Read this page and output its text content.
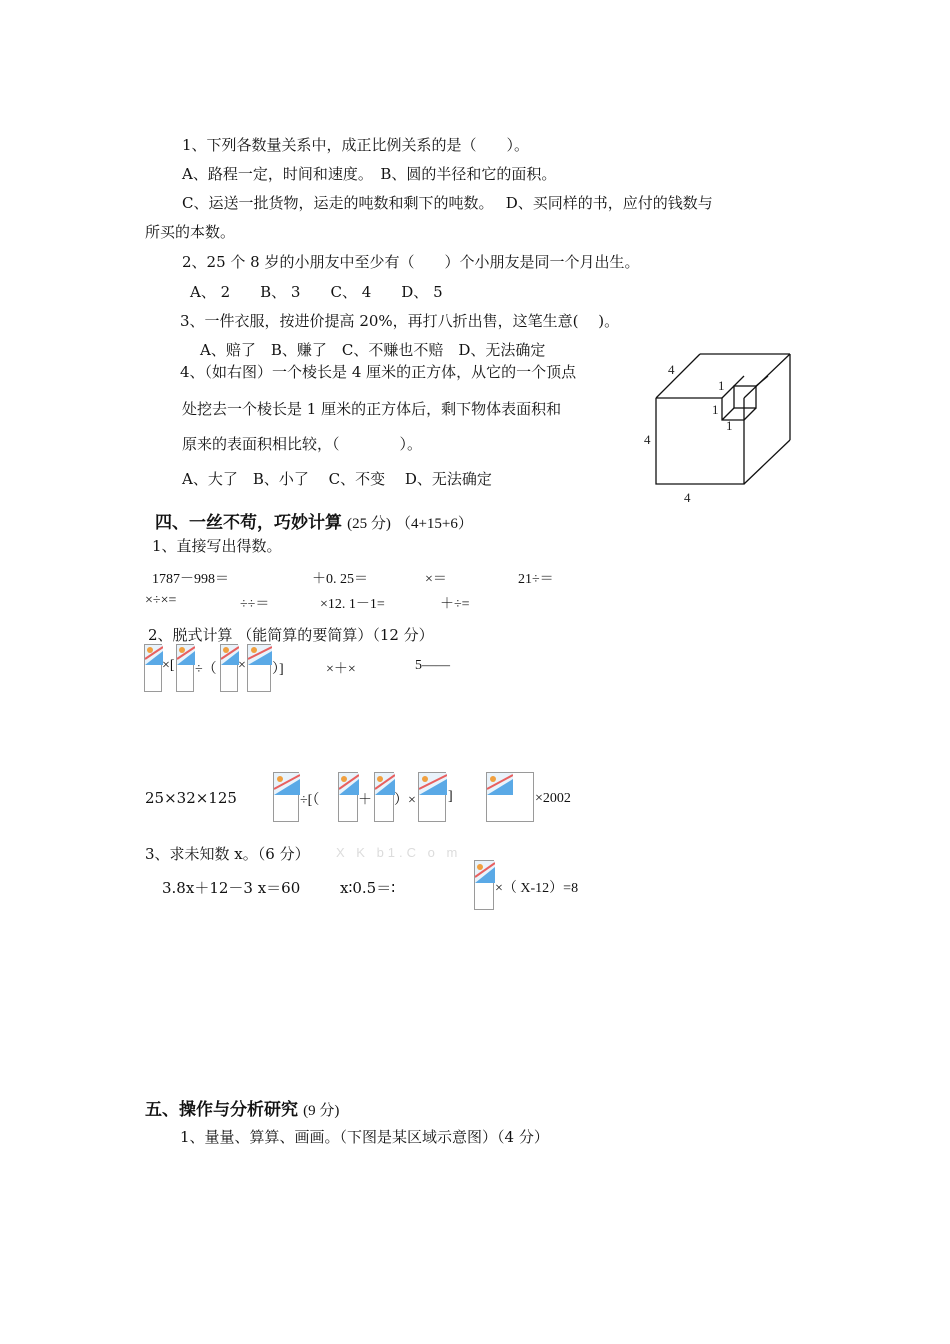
1、下列各数量关系中，成正比例关系的是（　　）。
A、路程一定，时间和速度。　B、圆的半径和它的面积。
C、运送一批货物，运走的吨数和剩下的吨数。　 D、买同样的书，应付的钱数与
所买的本数。
2、25 个 8 岁的小朋友中至少有（　　）个小朋友是同一个月出生。
A、 2　　B、 3　　C、 4　　D、 5
3、一件衣服，按进价提高 20%，再打八折出售，这笔生意(　 )。
A、赔了　B、赚了　C、不赚也不赔　D、无法确定
4、（如右图）一个棱长是 4 厘米的正方体，从它的一个顶点
处挖去一个棱长是 1 厘米的正方体后，剩下物体表面积和
原来的表面积相比较，（　　　　）。
A、大了　B、小了　 C、不变　 D、无法确定
4
4
4
1
1
1
四、一丝不苟，巧妙计算 (25 分) （4+15+6）
1、直接写出得数。
1787－998＝	＋0. 25＝	×＝	21÷＝
×÷×=	÷÷＝	×12. 1－1=	＋÷=
2、脱式计算 （能简算的要简算）（12 分）
×[ ÷（ × ）]	×＋×	5——
25×32×125	÷[（	＋ ）× ]	×2002
3、求未知数 x。（6 分） X K b1.C o m
3.8x＋12－3 x＝60	x∶0.5＝∶	×（ X-12）=8
五、操作与分析研究 (9 分)
1、量量、算算、画画。（下图是某区域示意图）（4 分）
